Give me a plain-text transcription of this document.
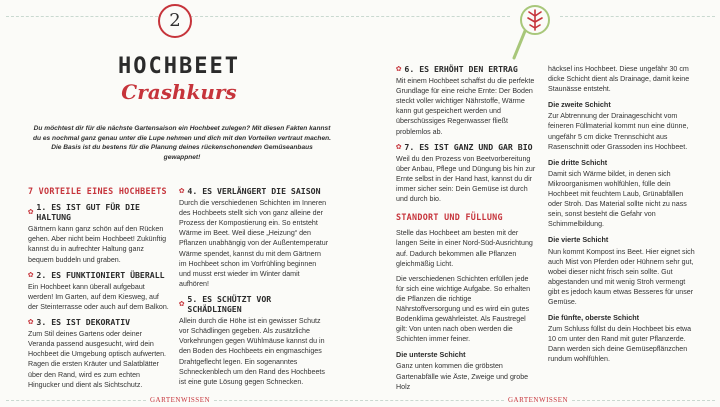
2
HOCHBEET
Crashkurs
Du möchtest dir für die nächste Gartensaison ein Hochbeet zulegen? Mit diesen Fakten kannst du es nochmal ganz genau unter die Lupe nehmen und dich mit den Vorteilen vertraut machen. Die Basis ist du bestens für die Planung deines rückenschonenden Gemüseanbaus gewappnet!
7 VORTEILE EINES HOCHBEETS
✿
1. ES IST GUT FÜR DIE HALTUNG

Gärtnern kann ganz schön auf den Rücken gehen. Aber nicht beim Hochbeet! Zukünftig kannst du in aufrechter Haltung ganz bequem buddeln und graben.

✿ 2. ES FUNKTIONIERT ÜBERALL

Ein Hochbeet kann überall aufgebaut werden! Im Garten, auf dem Kiesweg, auf der Steinterrasse oder auch auf dem Balkon.

✿ 3. ES IST DEKORATIV

Zum Stil deines Gartens oder deiner Veranda passend ausgesucht, wird dein Hochbeet die Umgebung optisch aufwerten. Ragen die ersten Kräuter und Salatblätter über den Rand, wird es zum echten Hingucker und dient als Sichtschutz.

✿ 4. ES VERLÄNGERT DIE SAISON

Durch die verschiedenen Schichten im Inneren des Hochbeets stellt sich von ganz alleine der Prozess der Kompostierung ein. So entsteht Wärme im Beet. Weil diese „Heizung“ den Pflanzen unabhängig von der Außentemperatur Wärme spendet, kannst du mit dem Gärtnern im Hochbeet schon im Vorfrühling beginnen und musst erst wieder im Winter damit aufhören!

✿
5. ES SCHÜTZT VOR SCHÄDLINGEN

Allein durch die Höhe ist ein gewisser Schutz vor Schädlingen gegeben. Als zusätzliche Vorkehrungen gegen Wühlmäuse kannst du in den Boden des Hochbeets ein engmaschiges Drahtgeflecht legen. Ein sogenanntes Schneckenblech um den Rand des Hochbeets ist eine gute Lösung gegen Schnecken.

✿ 6. ES ERHÖHT DEN ERTRAG

Mit einem Hochbeet schaffst du die perfekte Grundlage für eine reiche Ernte: Der Boden steckt voller wichtiger Nährstoffe, Wärme kann gut gespeichert werden und überschüssiges Regenwasser fließt problemlos ab.

✿ 7. ES IST GANZ UND GAR BIO

Weil du den Prozess von Beetvorbereitung über Anbau, Pflege und Düngung bis hin zur Ernte selbst in der Hand hast, kannst du dir immer sicher sein: Dein Gemüse ist durch und durch bio.

STANDORT UND FÜLLUNG

Stelle das Hochbeet am besten mit der langen Seite in einer Nord-Süd-Ausrichtung auf. Dadurch bekommen alle Pflanzen gleichmäßig Licht.

Die verschiedenen Schichten erfüllen jede für sich eine wichtige Aufgabe. So erhalten die Pflanzen die richtige Nährstoffversorgung und es wird ein gutes Bodenklima gewährleistet. Als Faustregel gilt: Von unten nach oben werden die Schichten immer feiner.

Die unterste Schicht

Ganz unten kommen die gröbsten Gartenabfälle wie Äste, Zweige und grobe Holz

häcksel ins Hochbeet. Diese ungefähr 30 cm dicke Schicht dient als Drainage, damit keine Staunässe entsteht.

Die zweite Schicht

Zur Abtrennung der Drainageschicht vom feineren Füllmaterial kommt nun eine dünne, ungefähr 5 cm dicke Trennschicht aus Rasenschnitt oder Grassoden ins Hochbeet.

Die dritte Schicht

Damit sich Wärme bildet, in denen sich Mikroorganismen wohlfühlen, fülle dein Hochbeet mit feuchtem Laub, Grünabfällen oder Stroh. Das Material sollte nicht zu nass sein, sonst besteht die Gefahr von Schimmelbildung.

Die vierte Schicht

Nun kommt Kompost ins Beet. Hier eignet sich auch Mist von Pferden oder Hühnern sehr gut, wobei dieser nicht frisch sein sollte. Gut abgestanden und mit wenig Stroh vermengt gibt es jedoch kaum etwas Besseres für unser Gemüse.

Die fünfte, oberste Schicht

Zum Schluss füllst du dein Hochbeet bis etwa 10 cm unter den Rand mit guter Pflanzerde. Dann werden sich deine Gemüsepflänzchen rundum wohlfühlen.

GARTENWISSEN	GARTENWISSEN
